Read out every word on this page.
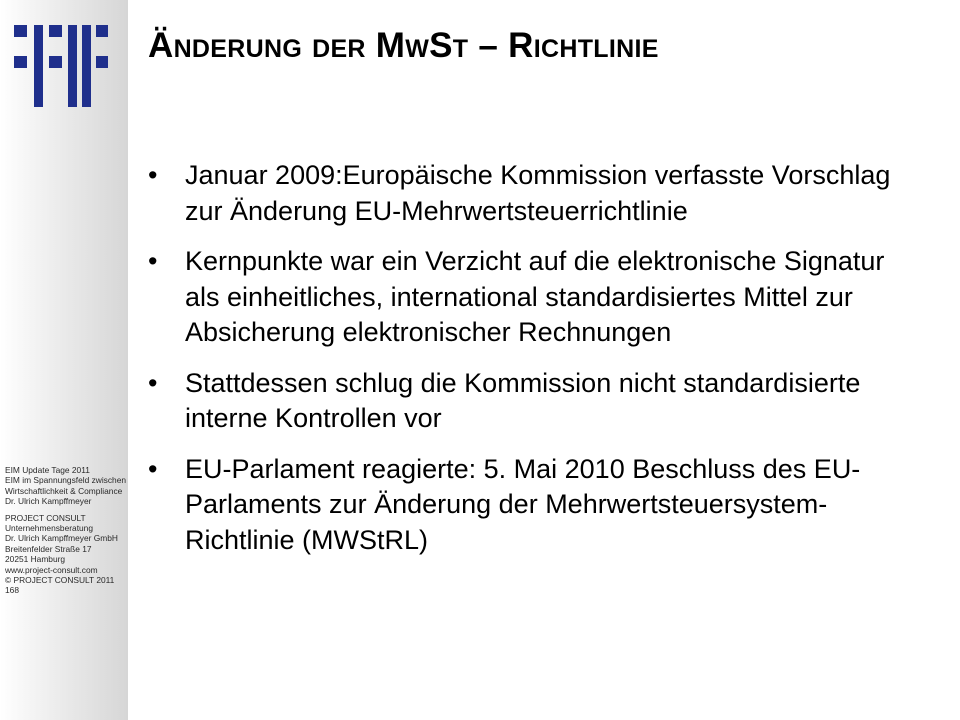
EIM Update Tage 2011
EIM im Spannungsfeld zwischen Wirtschaftlichkeit & Compliance
Dr. Ulrich Kampffmeyer
PROJECT CONSULT
Unternehmensberatung
Dr. Ulrich Kampffmeyer GmbH
Breitenfelder Straße 17
20251 Hamburg
www.project-consult.com
© PROJECT CONSULT 2011
168
Änderung der MwSt – Richtlinie
• Januar 2009:Europäische Kommission verfasste Vorschlag zur Änderung EU-Mehrwertsteuerrichtlinie
• Kernpunkte war ein Verzicht auf die elektronische Signatur als einheitliches, international standardisiertes Mittel zur Absicherung elektronischer Rechnungen
• Stattdessen schlug die Kommission nicht standardisierte interne Kontrollen vor
• EU-Parlament reagierte: 5. Mai 2010 Beschluss des EU-Parlaments zur Änderung der Mehrwertsteuersystem-Richtlinie (MWStRL)
